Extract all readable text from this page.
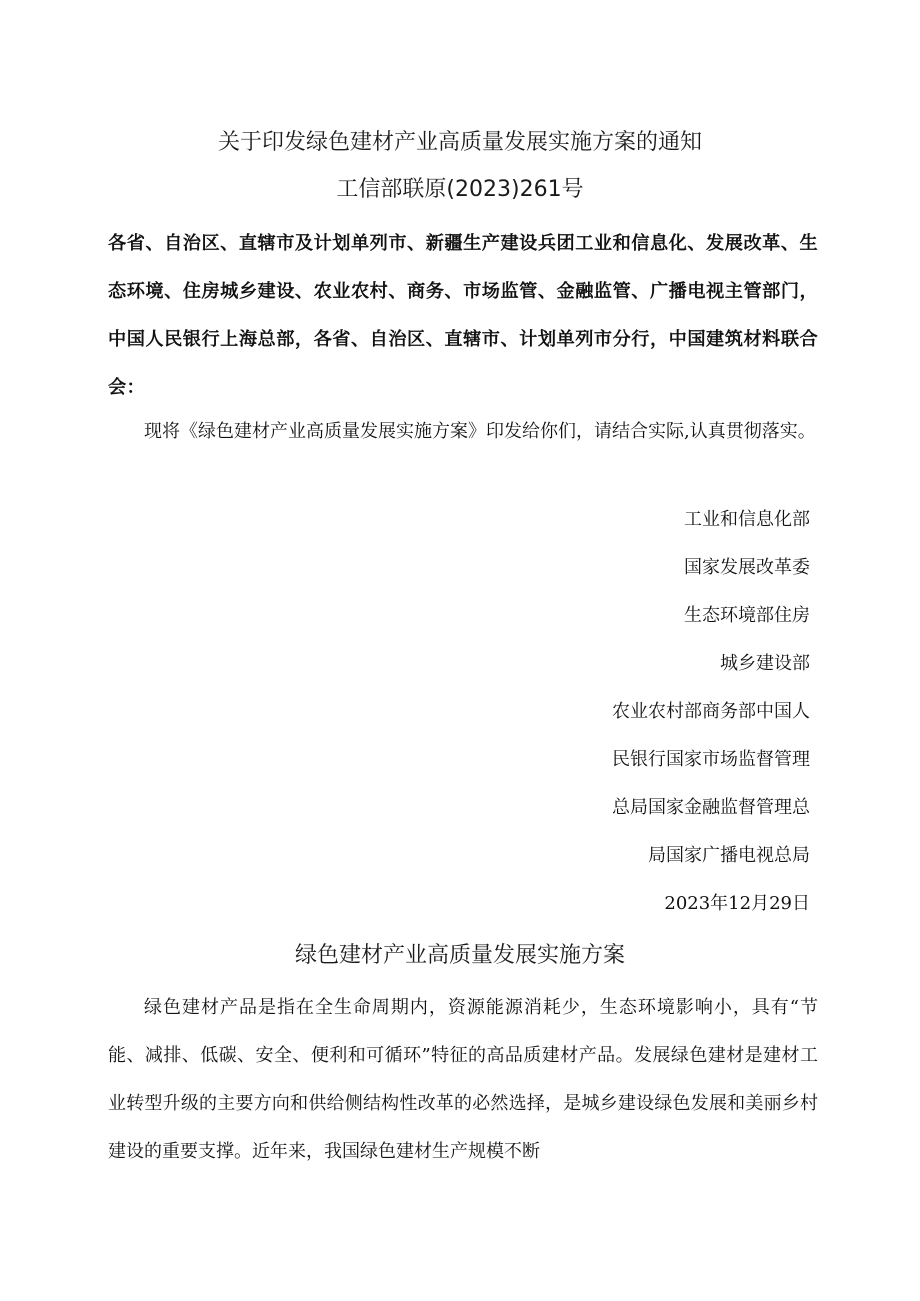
关于印发绿色建材产业高质量发展实施方案的通知
工信部联原(2023)261号
各省、自治区、直辖市及计划单列市、新疆生产建设兵团工业和信息化、发展改革、生态环境、住房城乡建设、农业农村、商务、市场监管、金融监管、广播电视主管部门，中国人民银行上海总部，各省、自治区、直辖市、计划单列市分行，中国建筑材料联合会：
现将《绿色建材产业高质量发展实施方案》印发给你们，请结合实际,认真贯彻落实。
工业和信息化部
国家发展改革委
生态环境部住房
城乡建设部
农业农村部商务部中国人
民银行国家市场监督管理
总局国家金融监督管理总
局国家广播电视总局
2023年12月29日
绿色建材产业高质量发展实施方案
绿色建材产品是指在全生命周期内，资源能源消耗少，生态环境影响小，具有“节能、减排、低碳、安全、便利和可循环”特征的高品质建材产品。发展绿色建材是建材工业转型升级的主要方向和供给侧结构性改革的必然选择，是城乡建设绿色发展和美丽乡村建设的重要支撑。近年来，我国绿色建材生产规模不断
